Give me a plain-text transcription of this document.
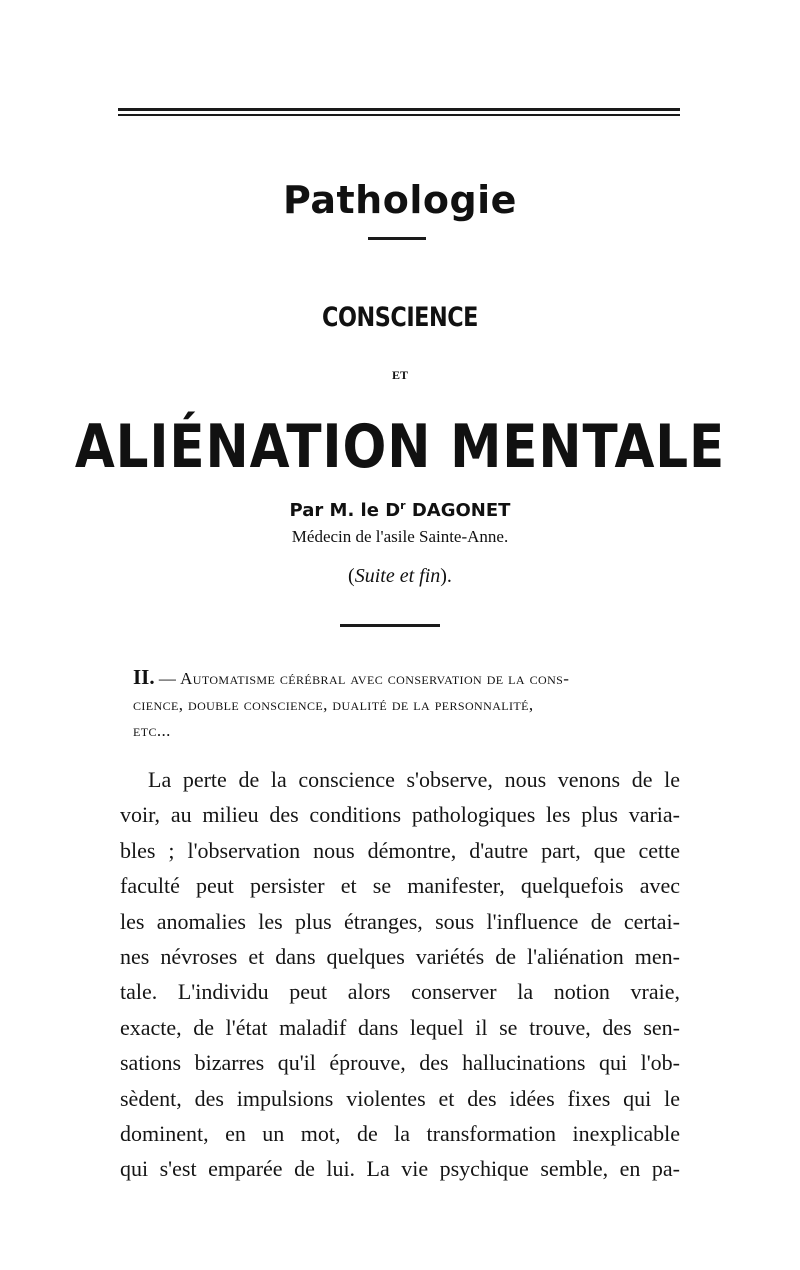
Pathologie
CONSCIENCE
ET
ALIÉNATION MENTALE
Par M. le $D^r$ DAGONET
Médecin de l'asile Sainte-Anne.
(Suite et fin).
II. — Automatisme cérébral avec conservation de la cons-
cience, double conscience, dualité de la personnalité,
etc...
La perte de la conscience s'observe, nous venons de le
voir, au milieu des conditions pathologiques les plus varia-
bles ; l'observation nous démontre, d'autre part, que cette
faculté peut persister et se manifester, quelquefois avec
les anomalies les plus étranges, sous l'influence de certai-
nes névroses et dans quelques variétés de l'aliénation men-
tale. L'individu peut alors conserver la notion vraie,
exacte, de l'état maladif dans lequel il se trouve, des sen-
sations bizarres qu'il éprouve, des hallucinations qui l'ob-
sèdent, des impulsions violentes et des idées fixes qui le
dominent, en un mot, de la transformation inexplicable
qui s'est emparée de lui. La vie psychique semble, en pa-
